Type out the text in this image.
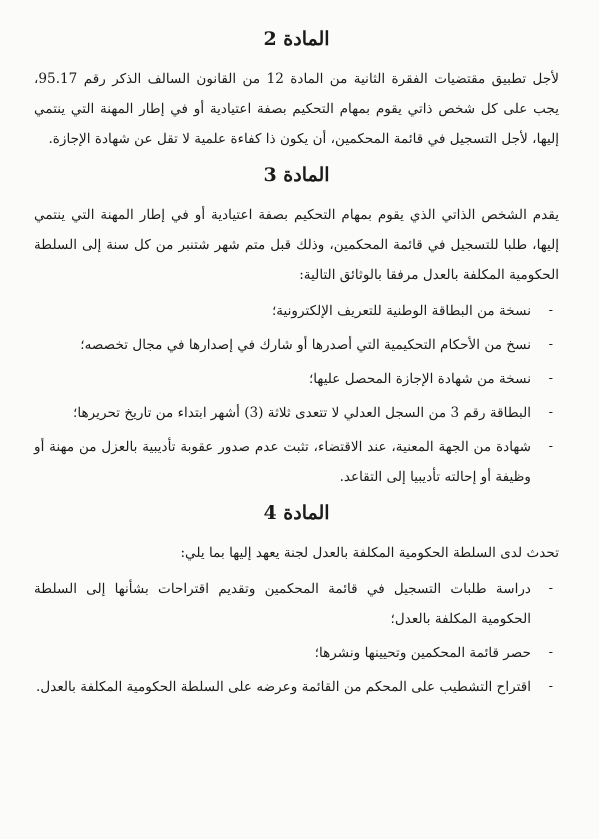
المادة 2

لأجل تطبيق مقتضيات الفقرة الثانية من المادة 12 من القانون السالف الذكر رقم 95.17، يجب على كل شخص ذاتي يقوم بمهام التحكيم بصفة اعتيادية أو في إطار المهنة التي ينتمي إليها، لأجل التسجيل في قائمة المحكمين، أن يكون ذا كفاءة علمية لا تقل عن شهادة الإجازة.

المادة 3

يقدم الشخص الذاتي الذي يقوم بمهام التحكيم بصفة اعتيادية أو في إطار المهنة التي ينتمي إليها، طلبا للتسجيل في قائمة المحكمين، وذلك قبل متم شهر شتنبر من كل سنة إلى السلطة الحكومية المكلفة بالعدل مرفقا بالوثائق التالية:

-
نسخة من البطاقة الوطنية للتعريف الإلكترونية؛
-
نسخ من الأحكام التحكيمية التي أصدرها أو شارك في إصدارها في مجال تخصصه؛
-
نسخة من شهادة الإجازة المحصل عليها؛
-
البطاقة رقم 3 من السجل العدلي لا تتعدى ثلاثة (3) أشهر ابتداء من تاريخ تحريرها؛
-
شهادة من الجهة المعنية، عند الاقتضاء، تثبت عدم صدور عقوبة تأديبية بالعزل من مهنة أو وظيفة أو إحالته تأديبيا إلى التقاعد.
المادة 4

تحدث لدى السلطة الحكومية المكلفة بالعدل لجنة يعهد إليها بما يلي:

-
دراسة طلبات التسجيل في قائمة المحكمين وتقديم اقتراحات بشأنها إلى السلطة الحكومية المكلفة بالعدل؛
-
حصر قائمة المحكمين وتحيينها ونشرها؛
-
اقتراح التشطيب على المحكم من القائمة وعرضه على السلطة الحكومية المكلفة بالعدل.
